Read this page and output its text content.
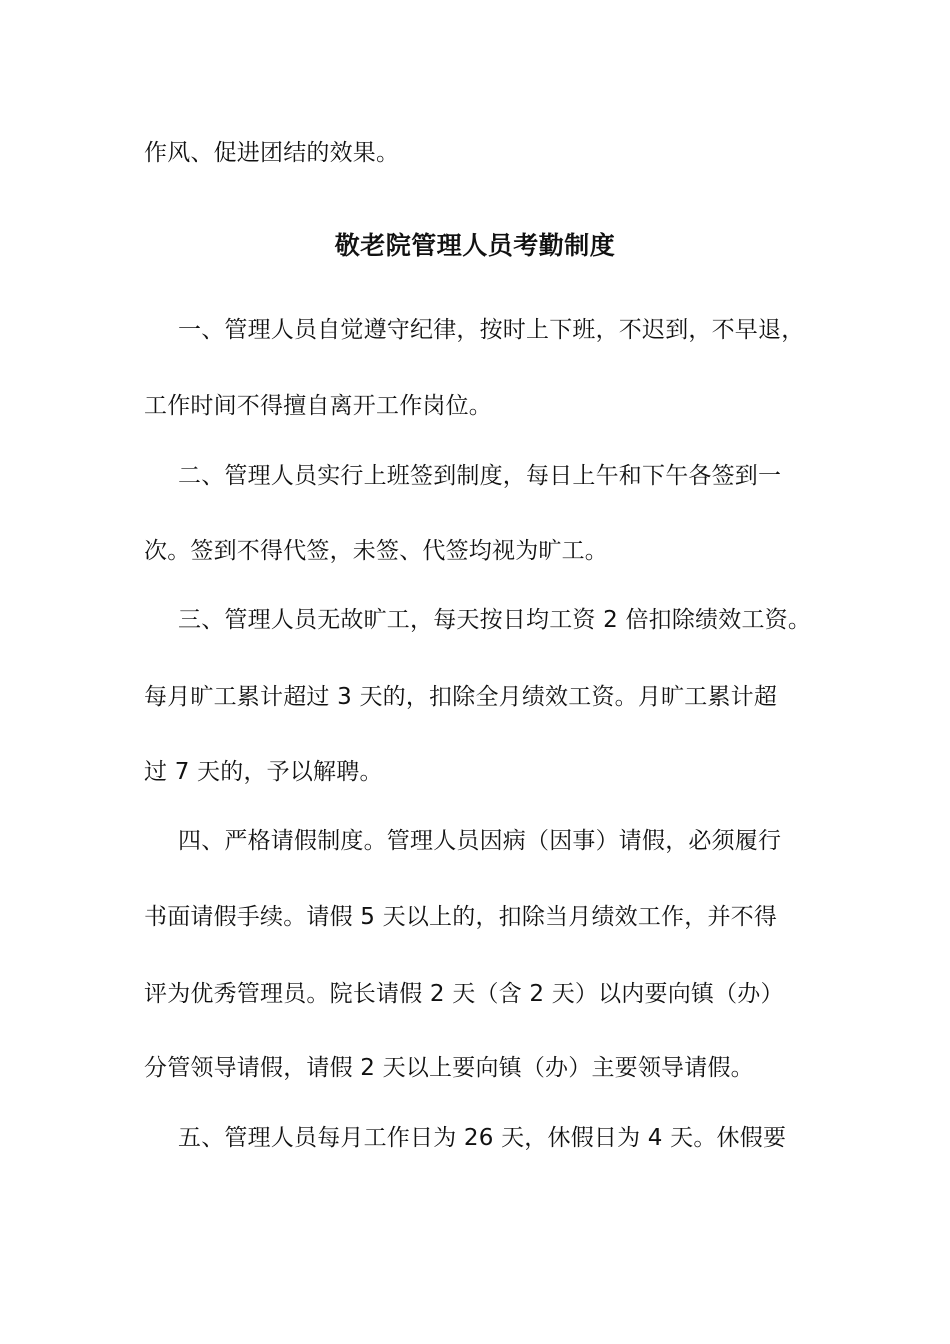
作风、促进团结的效果。
敬老院管理人员考勤制度
一、管理人员自觉遵守纪律，按时上下班，不迟到，不早退，
工作时间不得擅自离开工作岗位。
二、管理人员实行上班签到制度，每日上午和下午各签到一
次。签到不得代签，未签、代签均视为旷工。
三、管理人员无故旷工，每天按日均工资 2 倍扣除绩效工资。
每月旷工累计超过 3 天的，扣除全月绩效工资。月旷工累计超
过 7 天的，予以解聘。
四、严格请假制度。管理人员因病（因事）请假，必须履行
书面请假手续。请假 5 天以上的，扣除当月绩效工作，并不得
评为优秀管理员。院长请假 2 天（含 2 天）以内要向镇（办）
分管领导请假，请假 2 天以上要向镇（办）主要领导请假。
五、管理人员每月工作日为 26 天，休假日为 4 天。休假要
